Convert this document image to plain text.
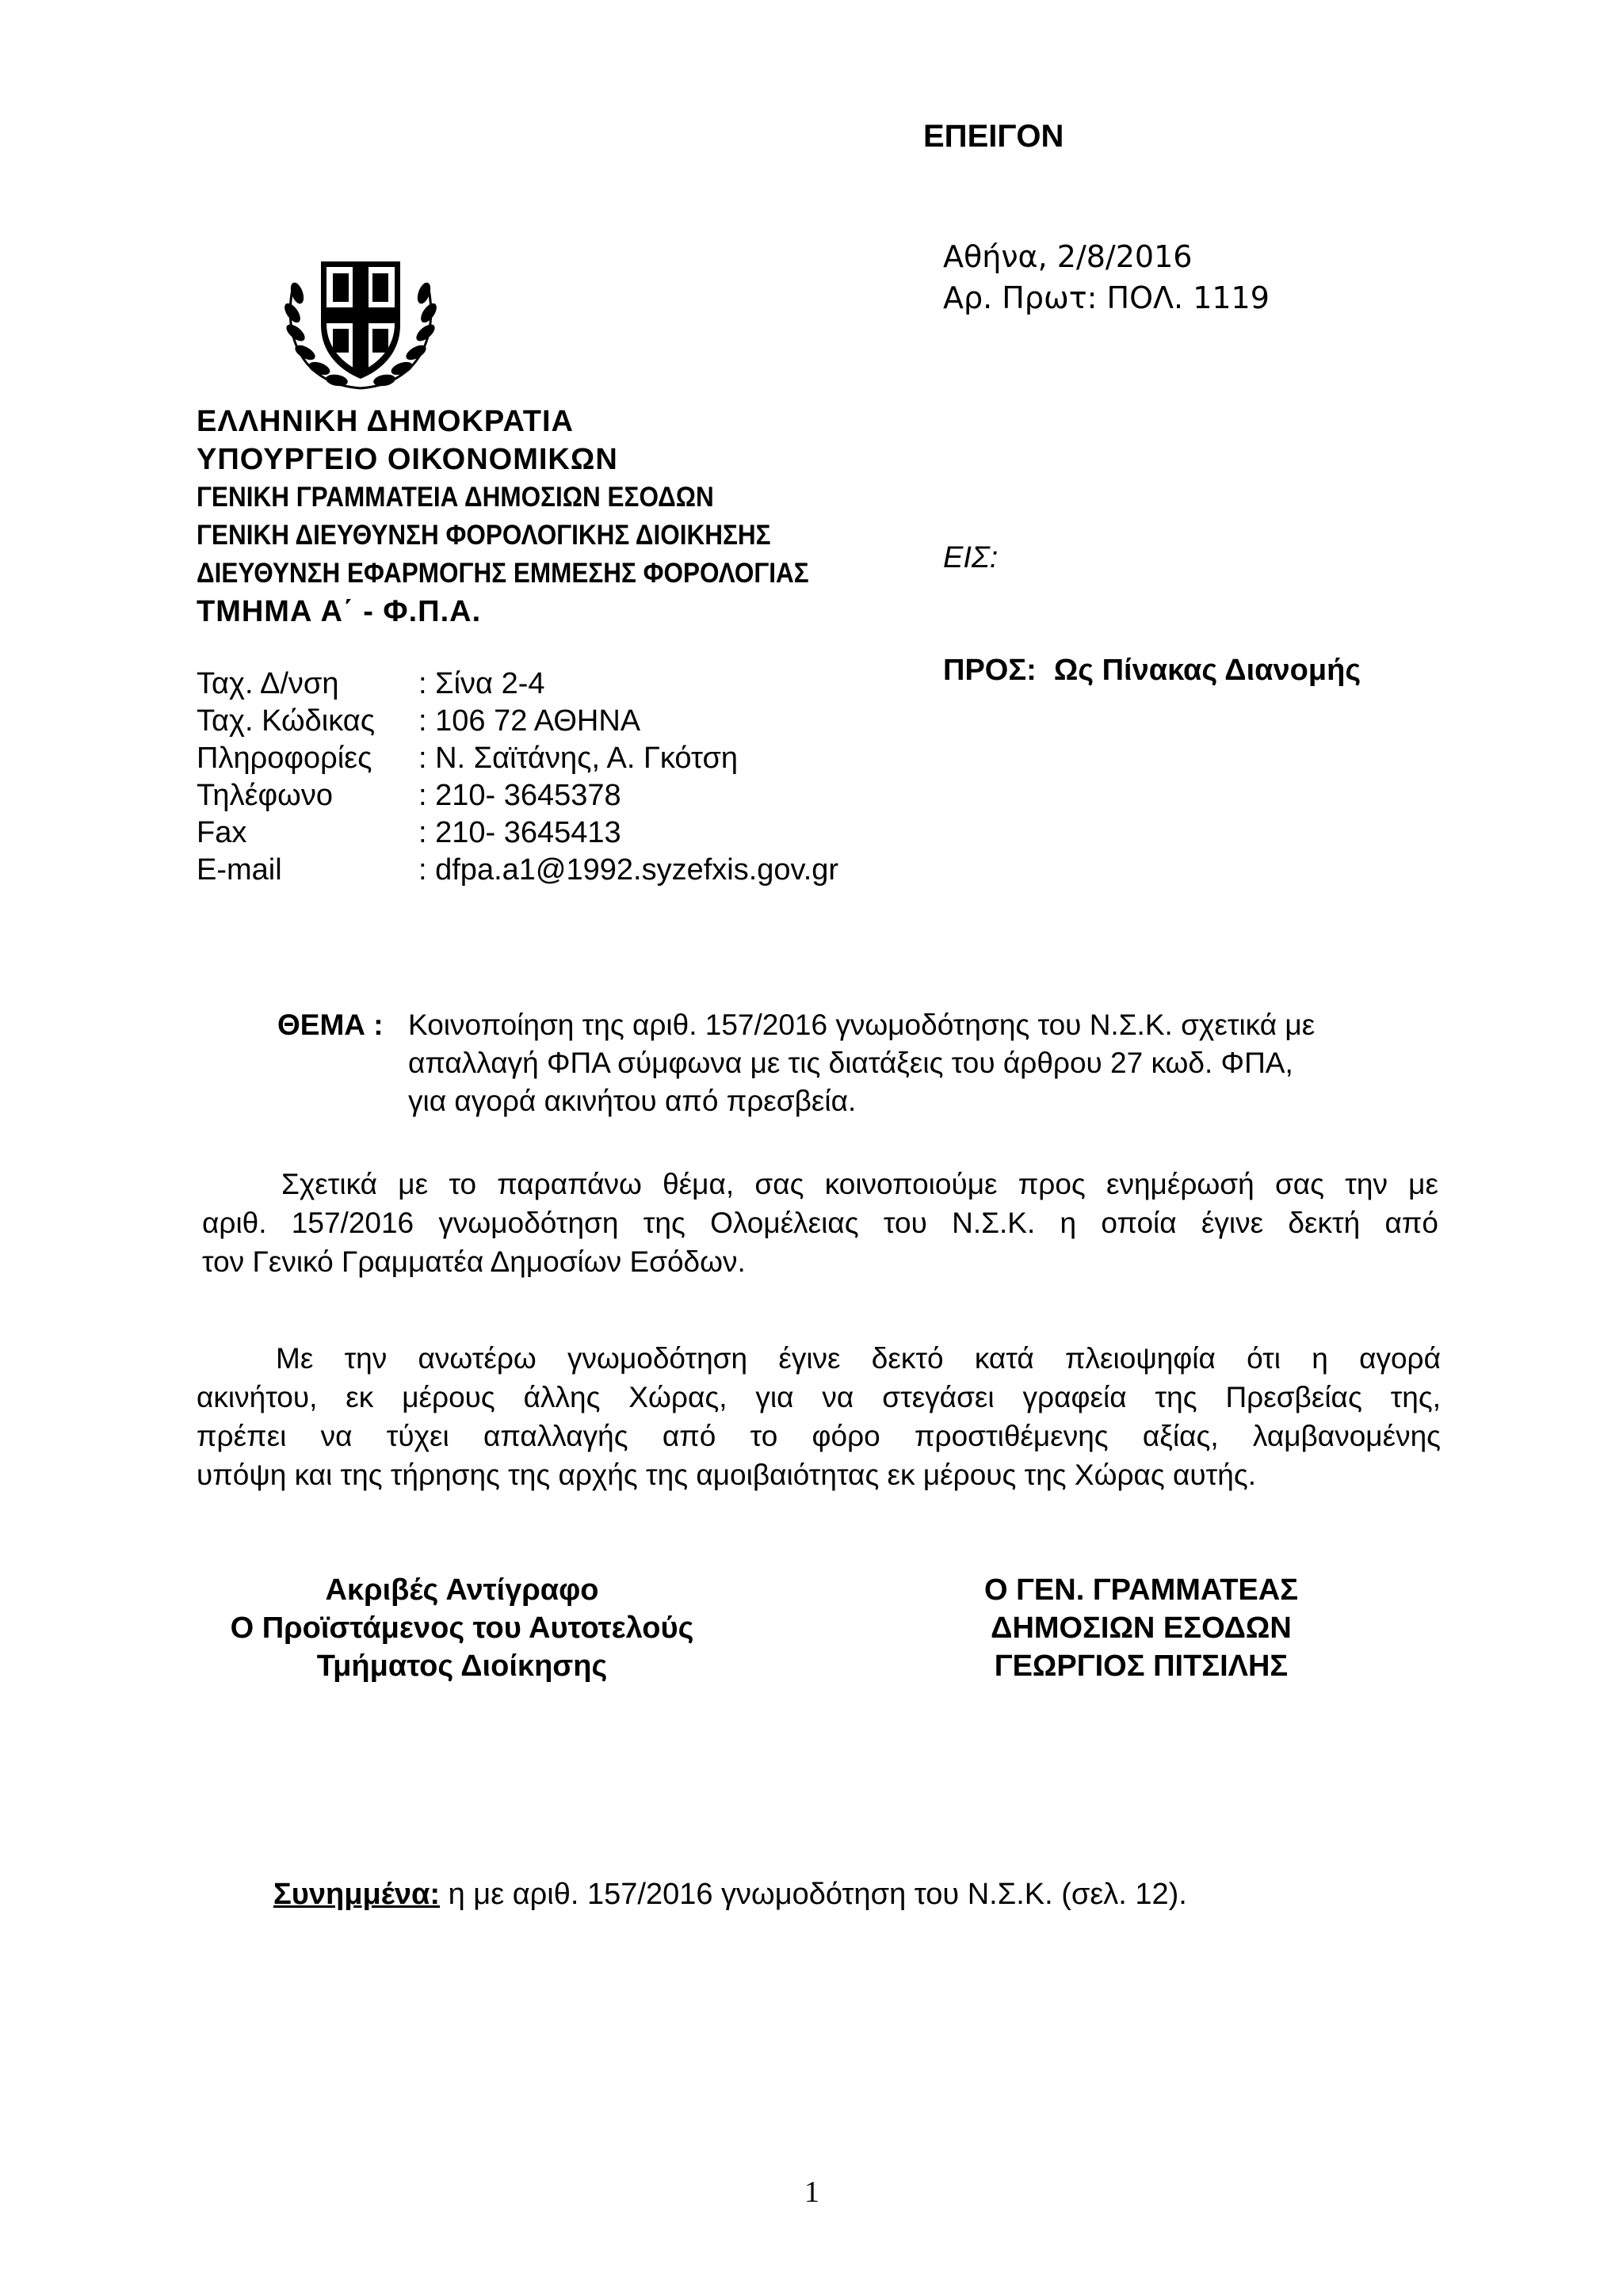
ΕΠΕΙΓΟΝ
Αθήνα, 2/8/2016
Αρ. Πρωτ: ΠΟΛ. 1119
ΕΛΛΗΝΙΚΗ ΔΗΜΟΚΡΑΤΙΑ
ΥΠΟΥΡΓΕΙΟ ΟΙΚΟΝΟΜΙΚΩΝ
ΓΕΝΙΚΗ ΓΡΑΜΜΑΤΕΙΑ ΔΗΜΟΣΙΩΝ ΕΣΟΔΩΝ
ΓΕΝΙΚΗ ΔΙΕΥΘΥΝΣΗ ΦΟΡΟΛΟΓΙΚΗΣ ΔΙΟΙΚΗΣΗΣ
ΔΙΕΥΘΥΝΣΗ ΕΦΑΡΜΟΓΗΣ ΕΜΜΕΣΗΣ ΦΟΡΟΛΟΓΙΑΣ
ΤΜΗΜΑ Α΄ - Φ.Π.Α.
ΕΙΣ:
ΠΡΟΣ: Ως Πίνακας Διανομής
Ταχ. Δ/νση	: Σίνα 2-4
Ταχ. Κώδικας	: 106 72 ΑΘΗΝΑ
Πληροφορίες	: Ν. Σαϊτάνης, Α. Γκότση
Τηλέφωνο	: 210- 3645378
Fax	: 210- 3645413
E-mail	: dfpa.a1@1992.syzefxis.gov.gr
ΘΕΜΑ : Κοινοποίηση της αριθ. 157/2016 γνωμοδότησης του Ν.Σ.Κ. σχετικά με
απαλλαγή ΦΠΑ σύμφωνα με τις διατάξεις του άρθρου 27 κωδ. ΦΠΑ,
για αγορά ακινήτου από πρεσβεία.
Σχετικά με το παραπάνω θέμα, σας κοινοποιούμε προς ενημέρωσή σας την με
αριθ. 157/2016 γνωμοδότηση της Ολομέλειας του Ν.Σ.Κ. η οποία έγινε δεκτή από
τον Γενικό Γραμματέα Δημοσίων Εσόδων.
Με την ανωτέρω γνωμοδότηση έγινε δεκτό κατά πλειοψηφία ότι η αγορά
ακινήτου, εκ μέρους άλλης Χώρας, για να στεγάσει γραφεία της Πρεσβείας της,
πρέπει να τύχει απαλλαγής από το φόρο προστιθέμενης αξίας, λαμβανομένης
υπόψη και της τήρησης της αρχής της αμοιβαιότητας εκ μέρους της Χώρας αυτής.
Ακριβές Αντίγραφο
Ο Προϊστάμενος του Αυτοτελούς
Τμήματος Διοίκησης
Ο ΓΕΝ. ΓΡΑΜΜΑΤΕΑΣ
ΔΗΜΟΣΙΩΝ ΕΣΟΔΩΝ
ΓΕΩΡΓΙΟΣ ΠΙΤΣΙΛΗΣ
Συνημμένα: η με αριθ. 157/2016 γνωμοδότηση του Ν.Σ.Κ. (σελ. 12).
1
